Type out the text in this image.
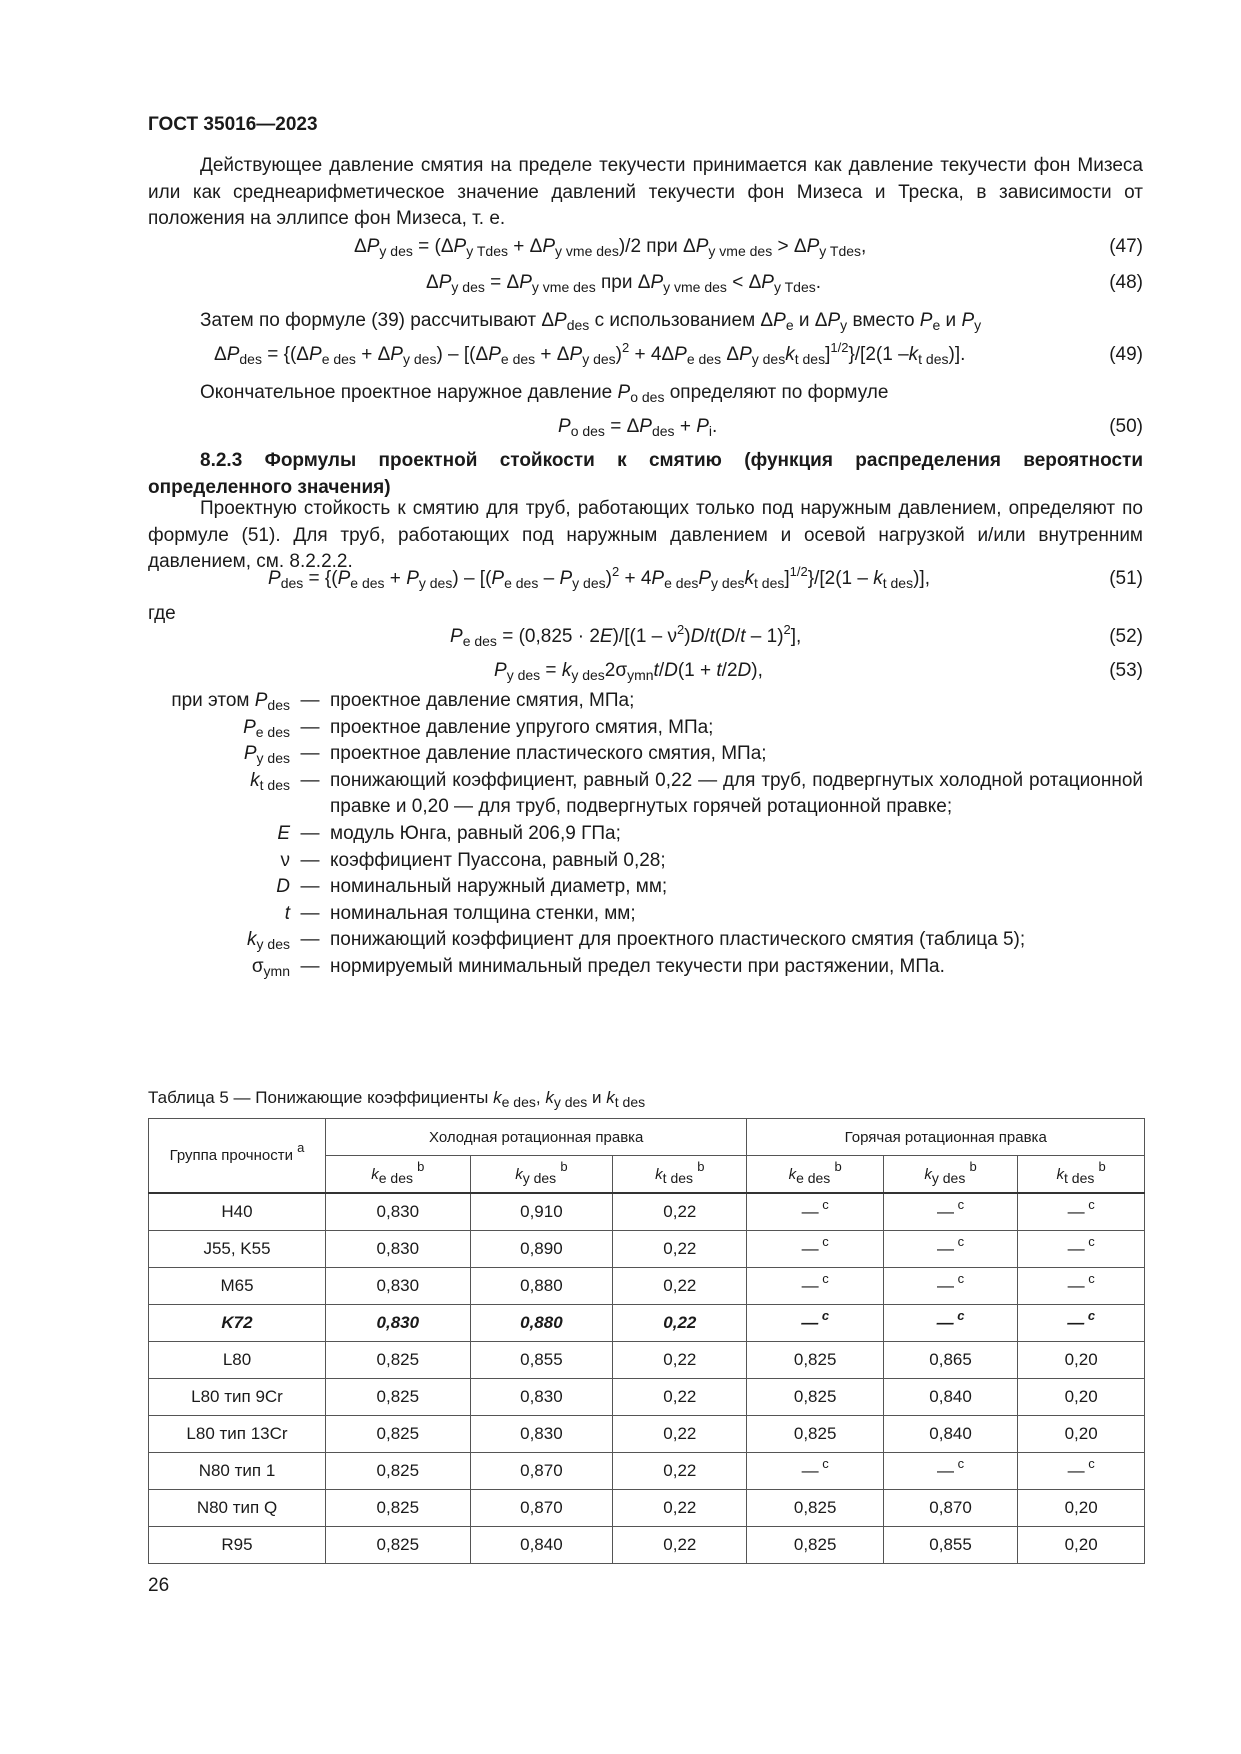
ГОСТ 35016—2023

Действующее давление смятия на пределе текучести принимается как давление текучести фон Мизеса или как среднеарифметическое значение давлений текучести фон Мизеса и Треска, в зависимости от положения на эллипсе фон Мизеса, т. е.

$\Delta P_{y des} = (\Delta P_{y Tdes} + \Delta P_{y vme des})/2$ при $\Delta P_{y vme des} > \Delta P_{y Tdes}$,	(47)
$\Delta P_{y des} = \Delta P_{y vme des}$ при $\Delta P_{y vme des} < \Delta P_{y Tdes}$.	(48)

Затем по формуле (39) рассчитывают $\Delta P_{des}$ с использованием $\Delta P_e$ и $\Delta P_y$ вместо $P_e$ и $P_y$

$\Delta P_{des} = \{(\Delta P_{e des} + \Delta P_{y des}) - [(\Delta P_{e des} + \Delta P_{y des})^2 + 4\Delta P_{e des}$ $\Delta P_{y des}k_{t des}]^{1/2}\}/[2(1$ $-k_{t des}$)].	(49)

Окончательное проектное наружное давление $P_{o des}$ определяют по формуле

$P_{o des} = \Delta P_{des} + P_i$.	(50)

8.2.3 Формулы проектной стойкости к смятию (функция распределения вероятности определенного значения)

Проектную стойкость к смятию для труб, работающих только под наружным давлением, определяют по формуле (51). Для труб, работающих под наружным давлением и осевой нагрузкой и/или внутренним давлением, см. 8.2.2.2.

$P_{des} = \{(P_{e des} + P_{y des}) - [(P_{e des} - P_{y des})^2 + 4P_{e des}P_{y des}k_{t des}]^{1/2}\}/[2(1 - k_{t des})]$,	(51)

где

$P_{e des} = (0,825 \cdot 2E)/[(1 - \nu^2)D/t(D/t - 1)^2]$,	(52)
$P_{y des} = k_{y des}2\sigma_{ymn}t/D(1 + t/2D)$,	(53)
при этом $P_{des}$ — проектное давление смятия, МПа;
$P_{e des}$ — проектное давление упругого смятия, МПа;
$P_{y des}$ — проектное давление пластического смятия, МПа;
$k_{t des}$ — понижающий коэффициент, равный 0,22 — для труб, подвергнутых холодной ротационной правке и 0,20 — для труб, подвергнутых горячей ротационной правке;
E — модуль Юнга, равный 206,9 ГПа;
ν — коэффициент Пуассона, равный 0,28;
D — номинальный наружный диаметр, мм;
t — номинальная толщина стенки, мм;
$k_{y des}$ — понижающий коэффициент для проектного пластического смятия (таблица 5);
$\sigma_{ymn}$ — нормируемый минимальный предел текучести при растяжении, МПа.
Таблица 5 — Понижающие коэффициенты $k_{e des}$, $k_{y des}$ и $k_{t des}$
Группа прочности $^a$	Холодная ротационная правка			Горячая ротационная правка		
	$k_{e des}$ $^b$	$k_{y des}$ $^b$	$k_{t des}$ $^b$	$k_{e des}$ $^b$	$k_{y des}$ $^b$	$k_{t des}$ $^b$
H40	0,830	0,910	0,22	— $^c$	— $^c$	— $^c$
J55, K55	0,830	0,890	0,22	— $^c$	— $^c$	— $^c$
M65	0,830	0,880	0,22	— $^c$	— $^c$	— $^c$
K72	0,830	0,880	0,22	— $^c$	— $^c$	— $^c$
L80	0,825	0,855	0,22	0,825	0,865	0,20
L80 тип 9Cr	0,825	0,830	0,22	0,825	0,840	0,20
L80 тип 13Cr	0,825	0,830	0,22	0,825	0,840	0,20
N80 тип 1	0,825	0,870	0,22	— $^c$	— $^c$	— $^c$
N80 тип Q	0,825	0,870	0,22	0,825	0,870	0,20
R95	0,825	0,840	0,22	0,825	0,855	0,20
26
